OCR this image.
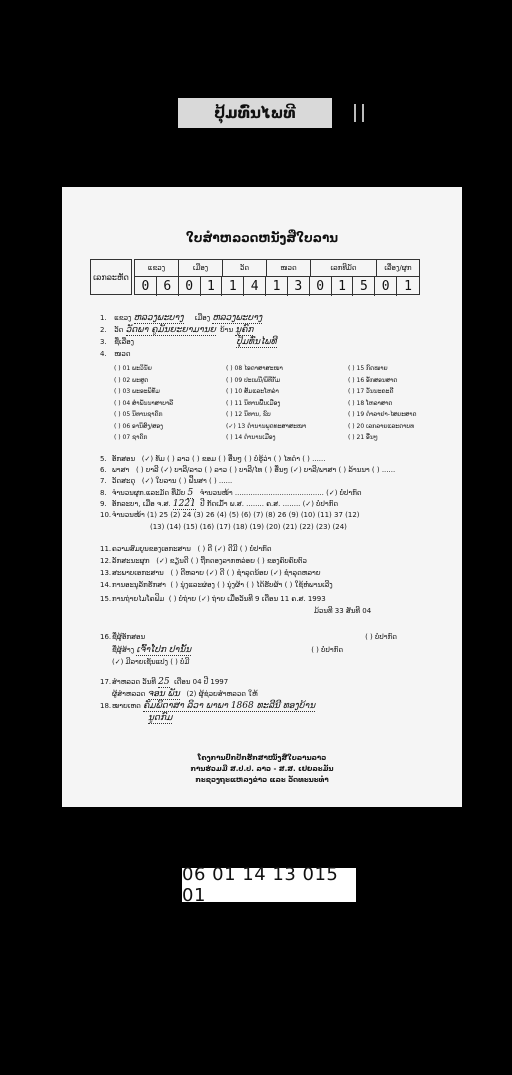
ປຸ້ມທົ່ນໄພທີ
ໃບສຳຫລວດຫນັງສືໃບລານ
ເລກລະຫັດ
ແຂວງ	ເມືອງ	ວັດ	ໜວດ	ເລກທີມັດ	ເລື່ອງ/ຜູກ
0	6	0	1	1	4	1	3	0	1	5	0	1
1. ແຂວງ ຫລວງພະບາງ ເມືອງ ຫລວງພະບາງ
2. ວັດ ວັດພາ ຄູມັນຍະຍາມານຍ ບ້ານ ນູຄົກ
3. ຊື່ເລື່ອງ	ປຸ້ມທົ່ນໄພທີ
4. ໜວດ
( ) 01 ພະວິນັຍ
( ) 02 ພະສູດ
( ) 03 ພະອະພິທັມ
( ) 04 ສຳພັນນາສາບາລີ
( ) 05 ນິທານຊາດົກ
( ) 06 ອານິສົງ/ສອງ
( ) 07 ຊາດົກ
( ) 08 ໄອດາສາສະໜາ
( ) 09 ປະເພນີ/ພິທີກັມ
( ) 10 ສັມແລະໂຫລ່າ
( ) 11 ນິທານພື້ນເມືອງ
( ) 12 ນິທານ, ຂົບ
(✓) 13 ດຳນານພຸດທະສາສະໜາ
( ) 14 ດຳນານເມືອງ
( ) 15 ກົດໝາຍ
( ) 16 ອັກສອນສາດ
( ) 17 ວັນນະຄະດີ
( ) 18 ໂຫລາສາດ
( ) 19 ດຳລາຢາ-ໄສຍະສາດ
( ) 20 ເລກລາຍແລະດາບທ
( ) 21 ອື່ນໆ
5. ອັກສອນ (✓) ທັມ ( ) ລາວ ( ) ຂອມ ( ) ອື່ນໆ ( ) ບໍ່ຮູ້ວ່າ ( ) ໄທດຳ ( ) ......
6. ພາສາ ( ) ບາລີ (✓) ບາລີ/ລາວ ( ) ລາວ ( ) ບາລີ/ໄທ ( ) ອື່ນໆ (✓) ບາລີ/ພາສາ ( ) ລ້ານນາ ( ) ......
7. ວັດສະດຸ (✓) ໃບລານ ( ) ຟິ້ນສາ ( ) ......
8. ຈຳນວນຜູກ.ແລະມັດ ທີ່ມັບ 5 ຈຳນວນໜ້າ ........................................ (✓) ບໍ່ປາກົດ
9. ອັກລະບາ, ເມື່ອ ຈ.ສ. 1221 ປີ ກັດເມົ້າ ພ.ສ. ........ ຄ.ສ. ........ (✓) ບໍ່ປາກົດ
10.ຈຳນວນໜ້າ (1) 25 (2) 24 (3) 26 (4) (5) (6) (7) (8) 26 (9) (10) (11) 37 (12)
(13) (14) (15) (16) (17) (18) (19) (20) (21) (22) (23) (24)
11.ຄວາມສົມບູນຂອງເອກະສານ ( ) ດີ (✓) ດີມີ ( ) ບໍ່ປາກົດ
12.ລັກສະນະຜູກ (✓) ຂຽນດີ ( ) ຖືກດອງລາກຫລ່ອຍ ( ) ຂອງຄົບຄົບຕົວ
13.ສະພາບເອກະສານ ( ) ດີຫລາຍ (✓) ດີ ( ) ຊຳລຸດນ້ອຍ (✓) ຊຳລຸດຫລາຍ
14.ການອະນຸລັກຮັກສາ ( ) ນຸ່ງແລະຜ່ອງ ( ) ນຸ່ງຜ້າ ( ) ໄດ້ຮັບຜ້າ ( ) ໃຊ້ຫໍ່ພານເລີງ
15.ການຖ່າຍໄມໂຄຟິມ ( ) ບໍ່ຖ່າຍ (✓) ຖ່າຍ ເມື່ອວັນທີ 9 ເດືອນ 11 ຄ.ສ. 1993
ມ້ວນທີ 33 ສັນທີ 04
16.ຊື່ຜູ້ອັກສອນ	( ) ບໍ່ປາກົດ
ຊື່ຜູ້ສ້າງ ເຈົ້າໂປກ ປານັ້ນ	( ) ບໍ່ປາກົດ
(✓) ມີລາຍເຊັນແປງ ( ) ບໍ່ມີ
17.ສຳຫລວດ ວັນທີ 25 ເດືອນ 04 ປີ 1997
ຜູ້ສຳຫລວດ ຈອນ ພັນ (2) ຜູ້ຊ່ວຍສຳຫລວດ ໃຫ້
18.ໝາຍເຫດ ຄັມພິດາສາ ລິວາ ພາພາ 1868 ທະລີນີ ທອງບ້ານ
ນູດກົມ
ໂຄງການປົກປັກຮັກສາໜັງສືໃບລານລາວ
ການຮ່ວມມື ສ.ປ.ປ. ລາວ - ສ.ສ. ເຢຍລະມັນ
ກະຊວງຖະແຫລງຂ່າວ ແລະ ວັດທະນະທຳ
06 01 14 13 015 01
